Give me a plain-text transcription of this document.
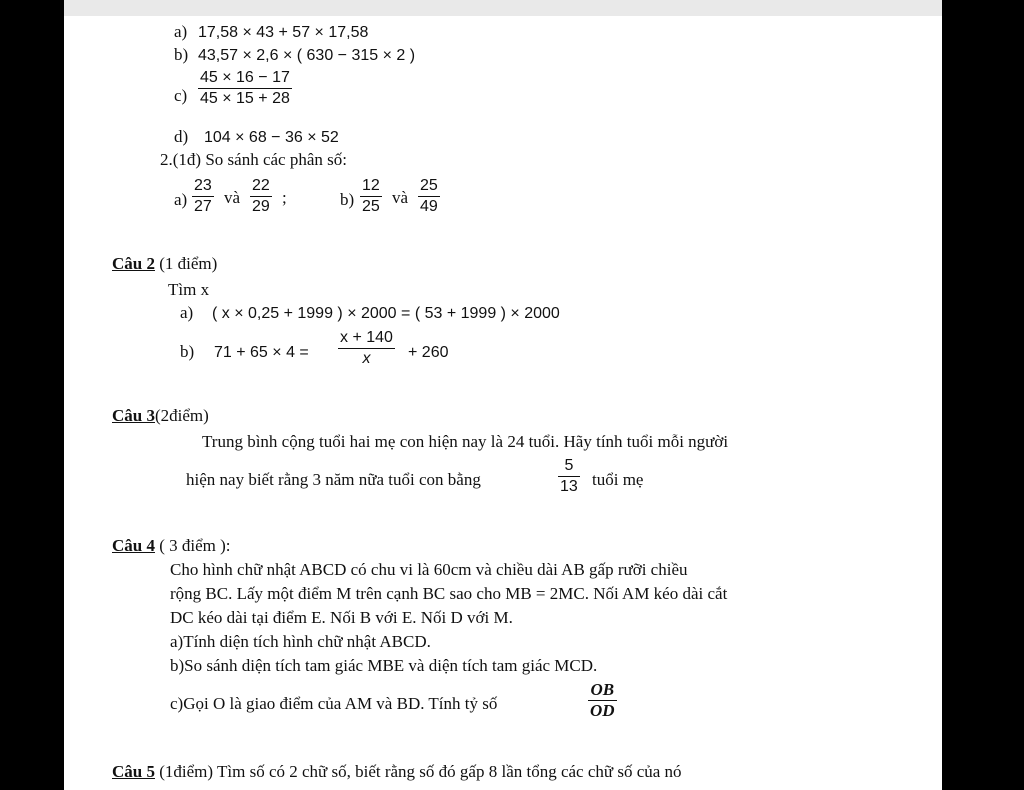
a) 17,58 × 43 + 57 × 17,58
b) 43,57 × 2,6 × ( 630 − 315 × 2 )
$c) \frac{45 \times 16 - 17}{45 \times 15 + 28}$
d) 104 × 68 − 36 × 52
2.(1đ) So sánh các phân số:
$a) \frac{23}{27}$ và $\frac{22}{29}$ ;	$b) \frac{12}{25}$ và $\frac{25}{49}$
Câu 2 (1 điểm)
Tìm x
a) ( x × 0,25 + 1999 ) × 2000 = ( 53 + 1999 ) × 2000
b) $71 + 65 \times 4 = \frac{x + 140}{x} + 260$
Câu 3(2điểm)
Trung bình cộng tuổi hai mẹ con hiện nay là 24 tuổi. Hãy tính tuổi mỗi người
hiện nay biết rằng 3 năm nữa tuổi con bằng	$\frac{5}{13}$ tuổi mẹ
Câu 4 ( 3 điểm ):
Cho hình chữ nhật ABCD có chu vi là 60cm và chiều dài AB gấp rưỡi chiều
rộng BC. Lấy một điểm M trên cạnh BC sao cho MB = 2MC. Nối AM kéo dài cắt
DC kéo dài tại điểm E. Nối B với E. Nối D với M.
a)Tính diện tích hình chữ nhật ABCD.
b)So sánh diện tích tam giác MBE và diện tích tam giác MCD.
c)Gọi O là giao điểm của AM và BD. Tính tỷ số	$\frac{OB}{OD}$
Câu 5 (1điểm) Tìm số có 2 chữ số, biết rằng số đó gấp 8 lần tổng các chữ số của nó
